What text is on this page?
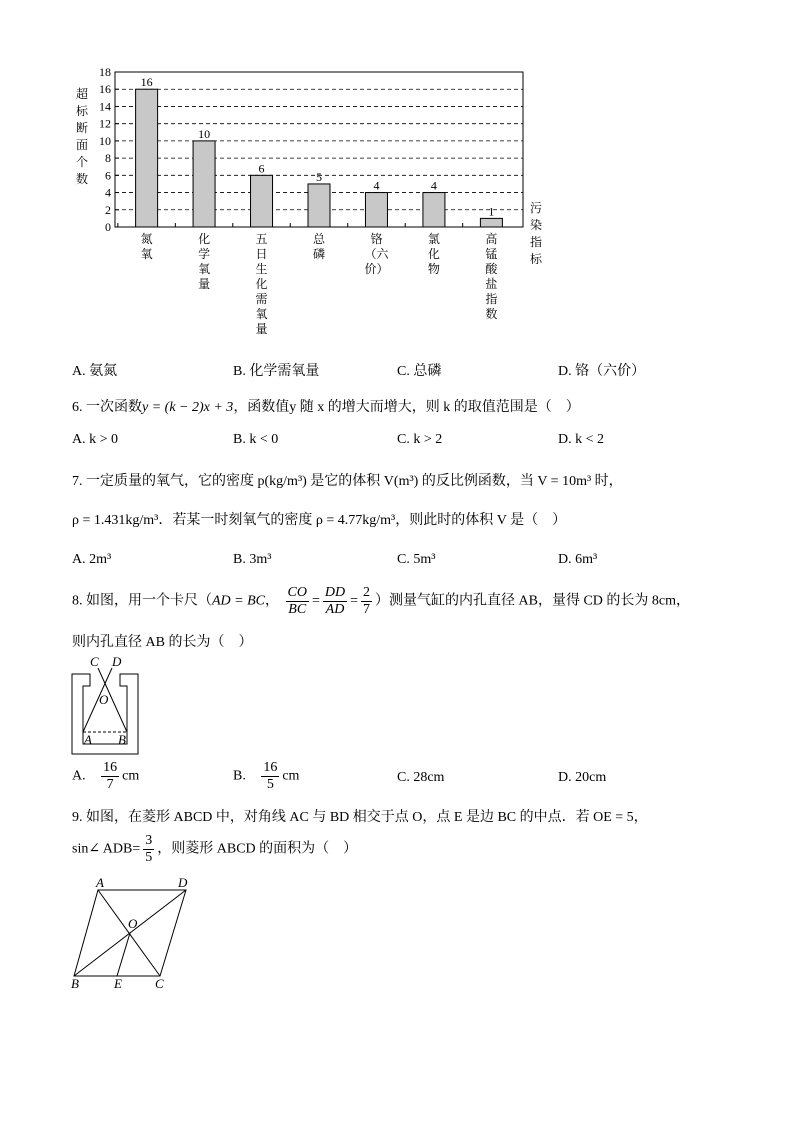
16
10
6
5
4	4
1
0
2
4
6
8
10
12
14
16
18
氮
氧
化
学
氧
量
五
日
生
化
需
氧
量
总
磷
铬
（六
价）
氯
化
物
高
锰
酸
盐
指
数
超
标
断
面
个
数
污
染
指
标
A. 氨氮	B. 化学需氧量	C. 总磷	D. 铬（六价）
6. 一次函数y = (k − 2)x + 3，函数值y 随 x 的增大而增大，则 k 的取值范围是（　）
A. k > 0	B. k < 0	C. k > 2	D. k < 2
7. 一定质量的氧气，它的密度 p(kg/m³) 是它的体积 V(m³) 的反比例函数，当 V = 10m³ 时，
ρ = 1.431kg/m³．若某一时刻氧气的密度 ρ = 4.77kg/m³，则此时的体积 V 是（　）
A. 2m³	B. 3m³	C. 5m³	D. 6m³
8. 如图，用一个卡尺（AD = BC， $\frac{CO}{BC} = \frac{DD}{AD} = \frac{2}{7}$ ）测量气缸的内孔直径 AB，量得 CD 的长为 8cm，
则内孔直径 AB 的长为（　）
C D
O
A B
A. $\frac{16}{7}$ cm	B. $\frac{16}{5}$ cm	C. 28cm	D. 20cm
9. 如图，在菱形 ABCD 中，对角线 AC 与 BD 相交于点 O，点 E 是边 BC 的中点．若 OE = 5，
sin∠ $ADB= \frac{3}{5}$ ，则菱形 ABCD 的面积为（　）
A	D
O
B	E	C
